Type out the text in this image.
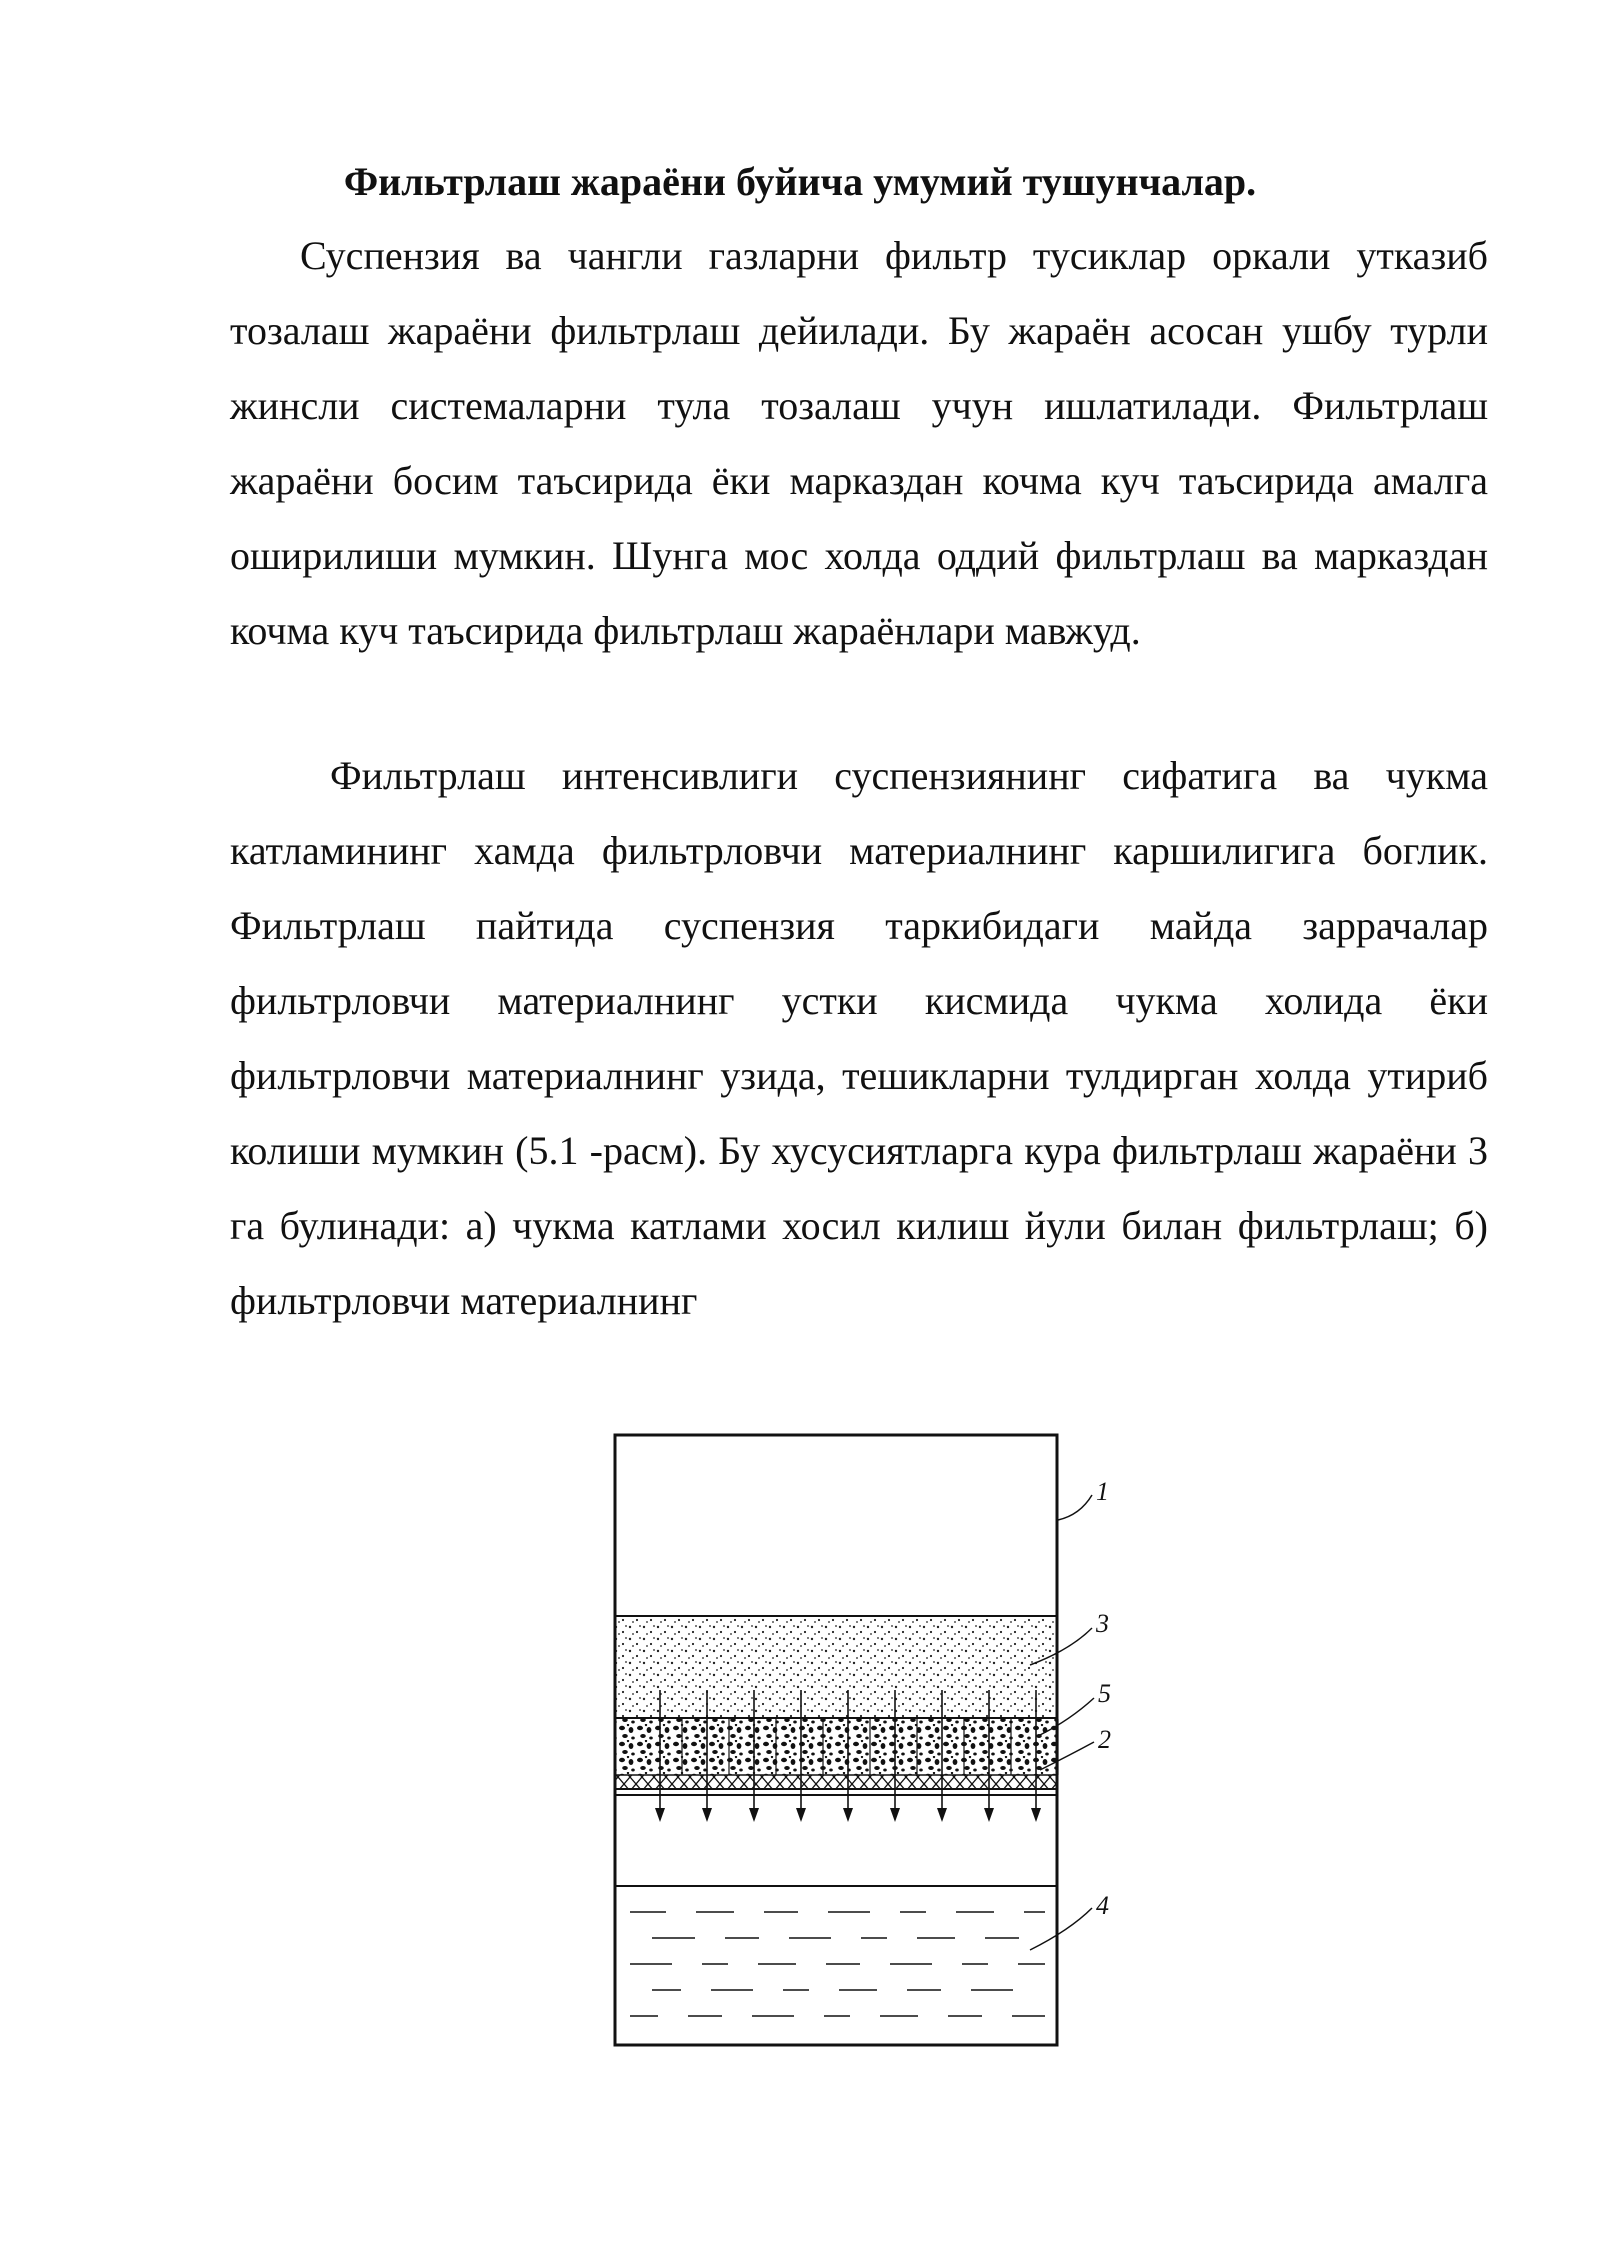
Фильтрлаш жараёни буйича умумий тушунчалар.

Суспензия ва чангли газларни фильтр тусиклар оркали утказиб тозалаш жараёни фильтрлаш дейилади. Бу жараён асосан ушбу турли жинсли системаларни тула тозалаш учун ишлатилади. Фильтрлаш жараёни босим таъсирида ёки марказдан кочма куч таъсирида амалга оширилиши мумкин. Шунга мос холда оддий фильтрлаш ва марказдан кочма куч таъсирида фильтрлаш жараёнлари мавжуд.

Фильтрлаш интенсивлиги суспензиянинг сифатига ва чукма катламининг хамда фильтрловчи материалнинг каршилигига боглик. Фильтрлаш пайтида суспензия таркибидаги майда заррачалар фильтрловчи материалнинг устки кисмида чукма холида ёки фильтрловчи материалнинг узида, тешикларни тулдирган холда утириб колиши мумкин (5.1 -расм). Бу хусусиятларга кура фильтрлаш жараёни 3 га булинади: а) чукма катлами хосил килиш йули билан фильтрлаш; б) фильтрловчи материалнинг

1
3
5
2
4
